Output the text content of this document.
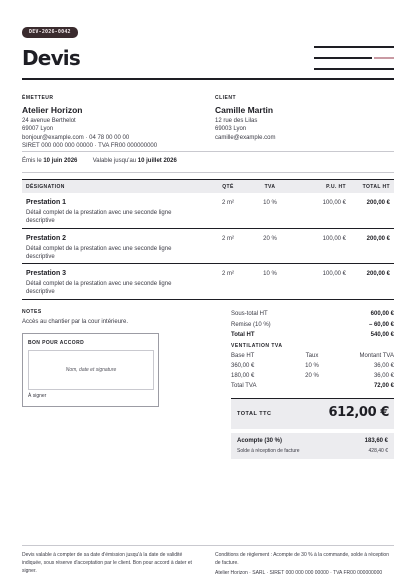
DEV-2026-0042
Devis
ÉMETTEUR
Atelier Horizon
24 avenue Berthelot
69007 Lyon
bonjour@example.com · 04 78 00 00 00
SIRET 000 000 000 00000 · TVA FR00 000000000
CLIENT
Camille Martin
12 rue des Lilas
69003 Lyon
camille@example.com
Émis le 10 juin 2026	Valable jusqu'au 10 juillet 2026
DÉSIGNATION	QTÉ	TVA	P.U. HT	TOTAL HT
Prestation 1
Détail complet de la prestation avec une seconde ligne descriptive
2 m²	10 %	100,00 €	200,00 €
Prestation 2
Détail complet de la prestation avec une seconde ligne descriptive
2 m²	20 %	100,00 €	200,00 €
Prestation 3
Détail complet de la prestation avec une seconde ligne descriptive
2 m²	10 %	100,00 €	200,00 €
NOTES
Accès au chantier par la cour intérieure.
BON POUR ACCORD
Nom, date et signature
À signer
Sous-total HT	600,00 €
Remise (10 %)	– 60,00 €
Total HT	540,00 €
VENTILATION TVA
Base HT	Taux	Montant TVA
360,00 €	10 %	36,00 €
180,00 €	20 %	36,00 €
Total TVA	72,00 €
TOTAL TTC	612,00 €
Acompte (30 %)	183,60 €
Solde à réception de facture	428,40 €
Devis valable à compter de sa date d'émission jusqu'à la date de validité indiquée, sous réserve d'acceptation par le client. Bon pour accord à dater et signer.
Conditions de règlement : Acompte de 30 % à la commande, solde à réception de facture.
Atelier Horizon · SARL · SIRET 000 000 000 00000 · TVA FR00 000000000
